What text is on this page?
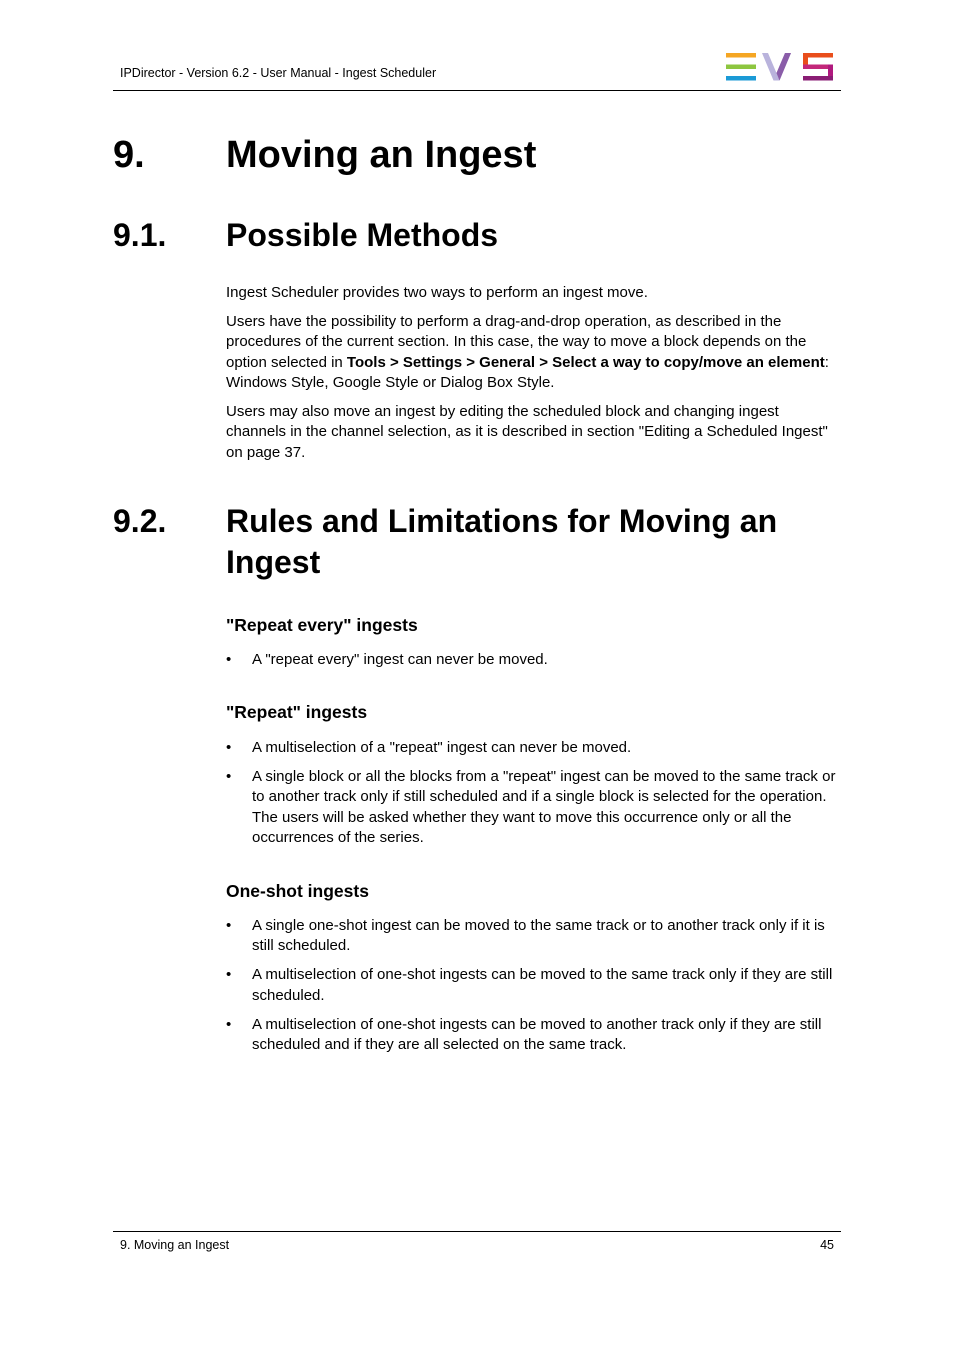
IPDirector - Version 6.2 - User Manual - Ingest Scheduler
9. Moving an Ingest
9.1. Possible Methods

Ingest Scheduler provides two ways to perform an ingest move.

Users have the possibility to perform a drag-and-drop operation, as described in the procedures of the current section. In this case, the way to move a block depends on the option selected in Tools > Settings > General > Select a way to copy/move an element: Windows Style, Google Style or Dialog Box Style.

Users may also move an ingest by editing the scheduled block and changing ingest channels in the channel selection, as it is described in section "Editing a Scheduled Ingest" on page 37.

9.2. Rules and Limitations for Moving an Ingest
"Repeat every" ingests
• A "repeat every" ingest can never be moved.
"Repeat" ingests
• A multiselection of a "repeat" ingest can never be moved.
• A single block or all the blocks from a "repeat" ingest can be moved to the same track or to another track only if still scheduled and if a single block is selected for the operation. The users will be asked whether they want to move this occurrence only or all the occurrences of the series.
One-shot ingests
• A single one-shot ingest can be moved to the same track or to another track only if it is still scheduled.
• A multiselection of one-shot ingests can be moved to the same track only if they are still scheduled.
• A multiselection of one-shot ingests can be moved to another track only if they are still scheduled and if they are all selected on the same track.
9. Moving an Ingest	45
